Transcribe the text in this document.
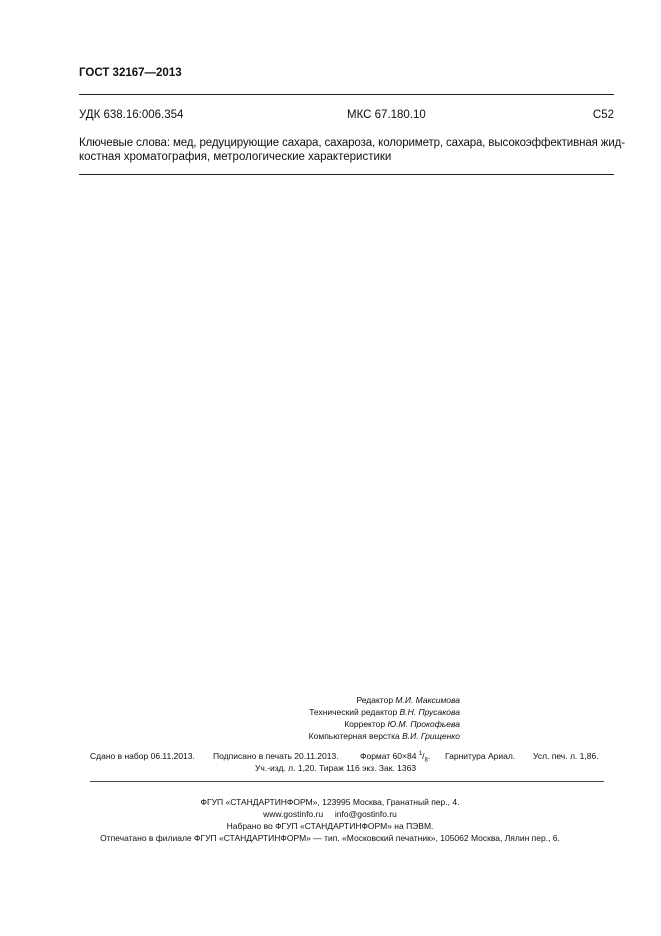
ГОСТ 32167—2013
УДК 638.16:006.354	МКС 67.180.10	С52
Ключевые слова: мед, редуцирующие сахара, сахароза, колориметр, сахара, высокоэффективная жид-
костная хроматография, метрологические характеристики
Редактор М.И. Максимова
Технический редактор В.Н. Прусакова
Корректор Ю.М. Прокофьева
Компьютерная верстка В.И. Грищенко
Сдано в набор 06.11.2013. Подписано в печать 20.11.2013.	Формат 60×84 $^1/_8$. Гарнитура Ариал. Усл. печ. л. 1,86.
Уч.-изд. л. 1,20. Тираж 116 экз. Зак. 1363
ФГУП «СТАНДАРТИНФОРМ», 123995 Москва, Гранатный пер., 4.
www.gostinfo.ru info@gostinfo.ru
Набрано во ФГУП «СТАНДАРТИНФОРМ» на ПЭВМ.
Отпечатано в филиале ФГУП «СТАНДАРТИНФОРМ» — тип. «Московский печатник», 105062 Москва, Лялин пер., 6.
